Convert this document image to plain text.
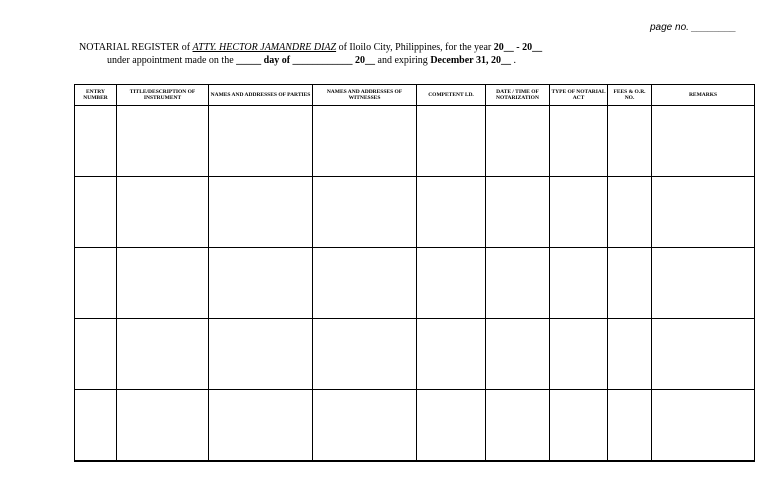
page no. ________
NOTARIAL REGISTER of ATTY. HECTOR JAMANDRE DIAZ of Iloilo City, Philippines, for the year 20__ - 20__
under appointment made on the _____ day of ____________ 20__ and expiring December 31, 20__ .
ENTRY NUMBER	TITLE/DESCRIPTION OF INSTRUMENT	NAMES AND ADDRESSES OF PARTIES	NAMES AND ADDRESSES OF WITNESSES	COMPETENT I.D.	DATE / TIME OF NOTARIZATION	TYPE OF NOTARIAL ACT	FEES & O.R. NO.	REMARKS
